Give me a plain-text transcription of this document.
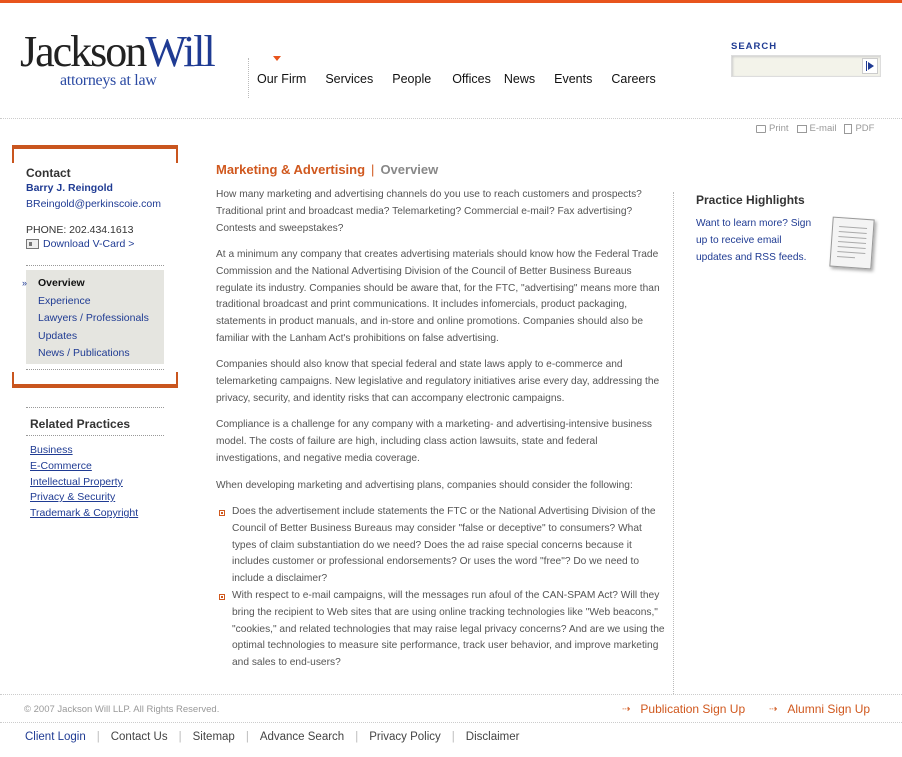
JacksonWill
attorneys at law	Our Firm Services People Offices News Events Careers
SEARCH
Print E-mail PDF
Contact
Barry J. Reingold
BReingold@perkinscoie.com
PHONE: 202.434.1613
Download V-Card >
Overview
Experience
Lawyers / Professionals
Updates
News / Publications
»
Related Practices
Business
E-Commerce
Intellectual Property
Privacy & Security
Trademark & Copyright
Marketing & Advertising | Overview

How many marketing and advertising channels do you use to reach customers and prospects? Traditional print and broadcast media? Telemarketing? Commercial e-mail? Fax advertising? Contests and sweepstakes?

At a minimum any company that creates advertising materials should know how the Federal Trade Commission and the National Advertising Division of the Council of Better Business Bureaus regulate its industry. Companies should be aware that, for the FTC, "advertising" means more than traditional broadcast and print communications. It includes infomercials, product packaging, statements in product manuals, and in-store and online promotions. Companies should also be familiar with the Lanham Act's prohibitions on false advertising.

Companies should also know that special federal and state laws apply to e-commerce and telemarketing campaigns. New legislative and regulatory initiatives arise every day, addressing the privacy, security, and identity risks that can accompany electronic campaigns.

Compliance is a challenge for any company with a marketing- and advertising-intensive business model. The costs of failure are high, including class action lawsuits, state and federal investigations, and negative media coverage.

When developing marketing and advertising plans, companies should consider the following:

Does the advertisement include statements the FTC or the National Advertising Division of the Council of Better Business Bureaus may consider "false or deceptive" to consumers? What types of claim substantiation do we need? Does the ad raise special concerns because it includes customer or professional endorsements? Or uses the word "free"? Do we need to include a disclaimer?

With respect to e-mail campaigns, will the messages run afoul of the CAN-SPAM Act? Will they bring the recipient to Web sites that are using online tracking technologies like "Web beacons," "cookies," and related technologies that may raise legal privacy concerns? And are we using the optimal technologies to measure site performance, track user behavior, and improve marketing and sales to end-users?

Practice Highlights
Want to learn more? Sign up to receive email updates and RSS feeds.
© 2007 Jackson Will LLP. All Rights Reserved.	⇢ Publication Sign Up ⇢ Alumni Sign Up
Client Login | Contact Us | Sitemap | Advance Search | Privacy Policy | Disclaimer
